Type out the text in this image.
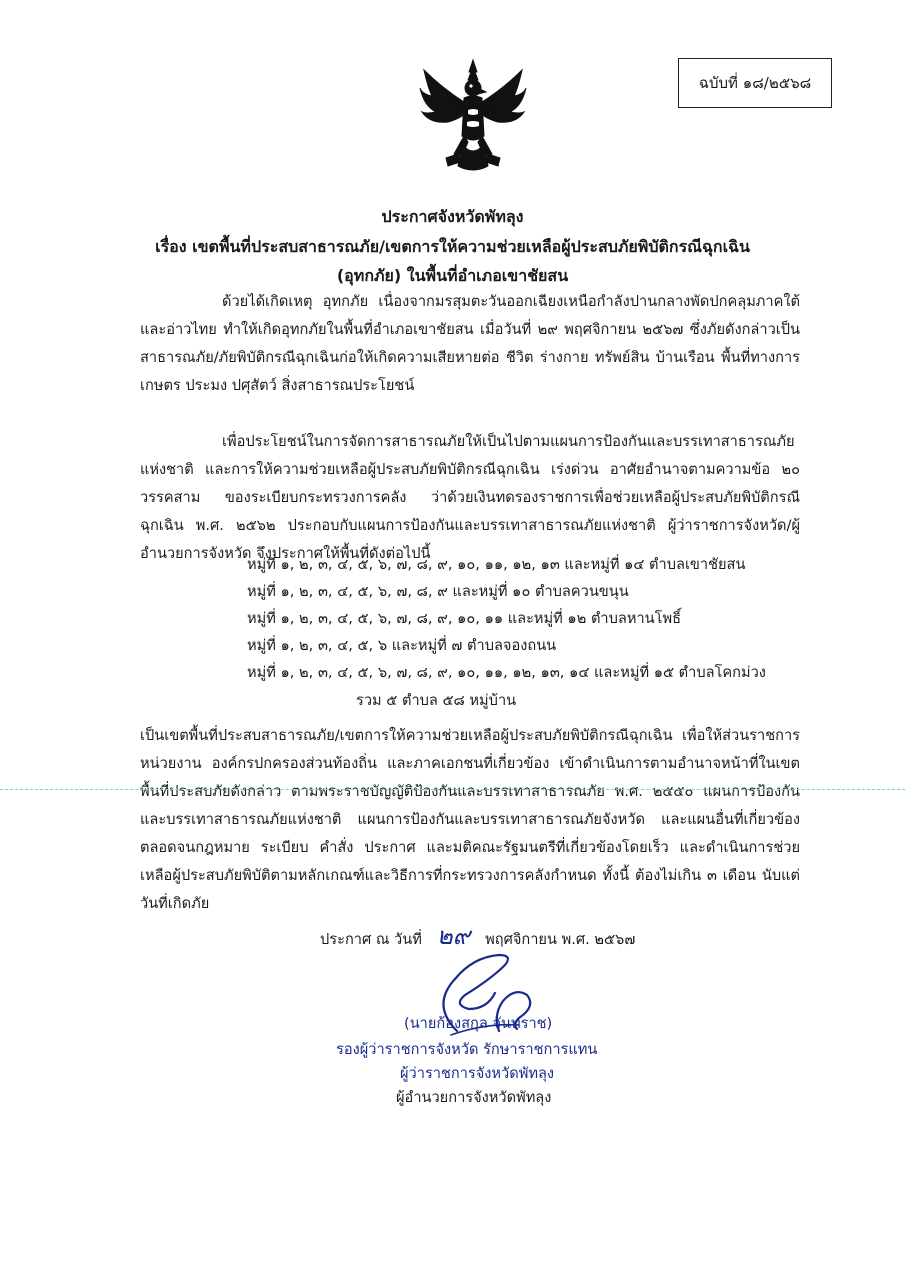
ฉบับที่ ๑๘/๒๕๖๘
ประกาศจังหวัดพัทลุง
เรื่อง เขตพื้นที่ประสบสาธารณภัย/เขตการให้ความช่วยเหลือผู้ประสบภัยพิบัติกรณีฉุกเฉิน
(อุทกภัย) ในพื้นที่อำเภอเขาชัยสน

ด้วยได้เกิดเหตุ อุทกภัย เนื่องจากมรสุมตะวันออกเฉียงเหนือกำลังปานกลางพัดปกคลุมภาคใต้ และอ่าวไทย ทำให้เกิดอุทกภัยในพื้นที่อำเภอเขาชัยสน เมื่อวันที่ ๒๙ พฤศจิกายน ๒๕๖๗ ซึ่งภัยดังกล่าวเป็นสาธารณภัย/ภัยพิบัติกรณีฉุกเฉินก่อให้เกิดความเสียหายต่อ ชีวิต ร่างกาย ทรัพย์สิน บ้านเรือน พื้นที่ทางการเกษตร ประมง ปศุสัตว์ สิ่งสาธารณประโยชน์

เพื่อประโยชน์ในการจัดการสาธารณภัยให้เป็นไปตามแผนการป้องกันและบรรเทาสาธารณภัยแห่งชาติ และการให้ความช่วยเหลือผู้ประสบภัยพิบัติกรณีฉุกเฉิน เร่งด่วน อาศัยอำนาจตามความข้อ ๒๐ วรรคสาม ของระเบียบกระทรวงการคลัง ว่าด้วยเงินทดรองราชการเพื่อช่วยเหลือผู้ประสบภัยพิบัติกรณีฉุกเฉิน พ.ศ. ๒๕๖๒ ประกอบกับแผนการป้องกันและบรรเทาสาธารณภัยแห่งชาติ ผู้ว่าราชการจังหวัด/ผู้อำนวยการจังหวัด จึงประกาศให้พื้นที่ดังต่อไปนี้

หมู่ที่ ๑, ๒, ๓, ๔, ๕, ๖, ๗, ๘, ๙, ๑๐, ๑๑, ๑๒, ๑๓ และหมู่ที่ ๑๔ ตำบลเขาชัยสน
หมู่ที่ ๑, ๒, ๓, ๔, ๕, ๖, ๗, ๘, ๙ และหมู่ที่ ๑๐ ตำบลควนขนุน
หมู่ที่ ๑, ๒, ๓, ๔, ๕, ๖, ๗, ๘, ๙, ๑๐, ๑๑ และหมู่ที่ ๑๒ ตำบลหานโพธิ์
หมู่ที่ ๑, ๒, ๓, ๔, ๕, ๖ และหมู่ที่ ๗ ตำบลจองถนน
หมู่ที่ ๑, ๒, ๓, ๔, ๕, ๖, ๗, ๘, ๙, ๑๐, ๑๑, ๑๒, ๑๓, ๑๔ และหมู่ที่ ๑๕ ตำบลโคกม่วง
รวม ๕ ตำบล ๕๘ หมู่บ้าน

เป็นเขตพื้นที่ประสบสาธารณภัย/เขตการให้ความช่วยเหลือผู้ประสบภัยพิบัติกรณีฉุกเฉิน เพื่อให้ส่วนราชการ หน่วยงาน องค์กรปกครองส่วนท้องถิ่น และภาคเอกชนที่เกี่ยวข้อง เข้าดำเนินการตามอำนาจหน้าที่ในเขตพื้นที่ประสบภัยดังกล่าว ตามพระราชบัญญัติป้องกันและบรรเทาสาธารณภัย พ.ศ. ๒๕๕๐ แผนการป้องกันและบรรเทาสาธารณภัยแห่งชาติ แผนการป้องกันและบรรเทาสาธารณภัยจังหวัด และแผนอื่นที่เกี่ยวข้อง ตลอดจนกฎหมาย ระเบียบ คำสั่ง ประกาศ และมติคณะรัฐมนตรีที่เกี่ยวข้องโดยเร็ว และดำเนินการช่วยเหลือผู้ประสบภัยพิบัติตามหลักเกณฑ์และวิธีการที่กระทรวงการคลังกำหนด ทั้งนี้ ต้องไม่เกิน ๓ เดือน นับแต่วันที่เกิดภัย

ประกาศ ณ วันที่ ๒๙ พฤศจิกายน พ.ศ. ๒๕๖๗
(นายก้องสกุล จันทราช)
รองผู้ว่าราชการจังหวัด รักษาราชการแทน
ผู้ว่าราชการจังหวัดพัทลุง
ผู้อำนวยการจังหวัดพัทลุง
